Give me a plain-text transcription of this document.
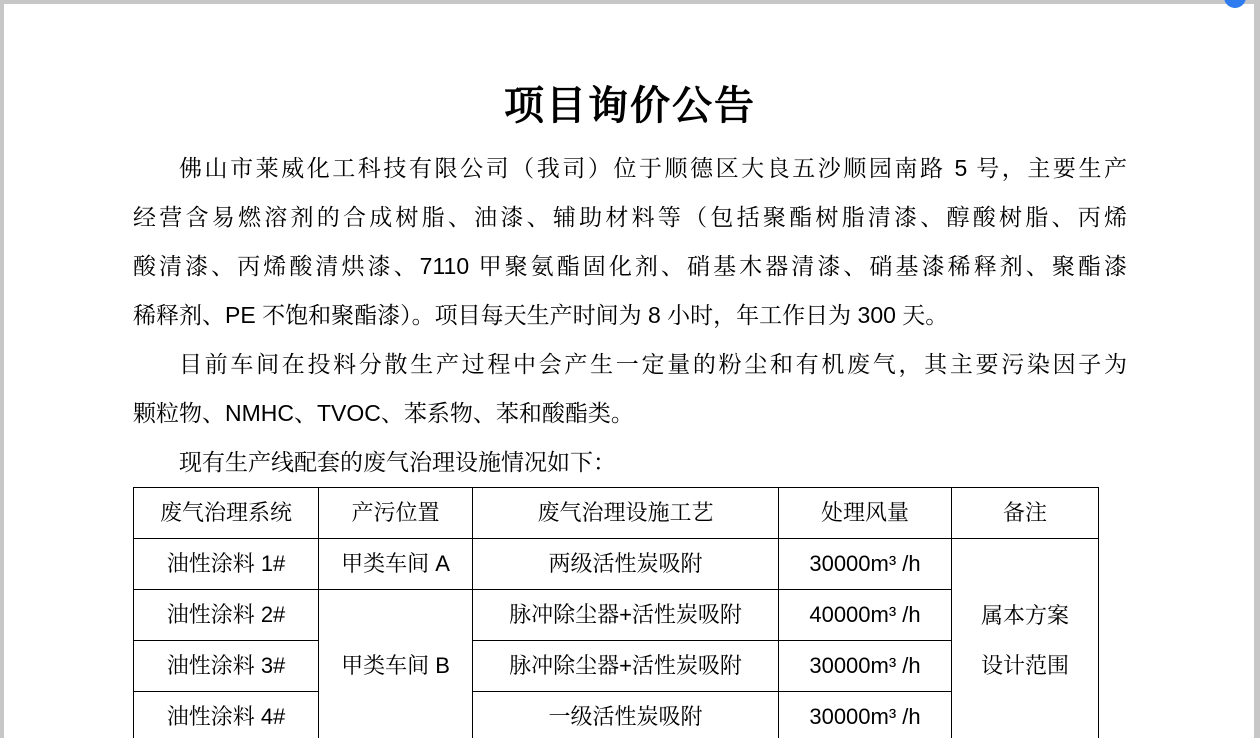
项目询价公告
佛山市莱威化工科技有限公司（我司）位于顺德区大良五沙顺园南路 5 号，主要生产
经营含易燃溶剂的合成树脂、油漆、辅助材料等（包括聚酯树脂清漆、醇酸树脂、丙烯
酸清漆、丙烯酸清烘漆、7110 甲聚氨酯固化剂、硝基木器清漆、硝基漆稀释剂、聚酯漆
稀释剂、PE 不饱和聚酯漆）。项目每天生产时间为 8 小时，年工作日为 300 天。
目前车间在投料分散生产过程中会产生一定量的粉尘和有机废气，其主要污染因子为
颗粒物、NMHC、TVOC、苯系物、苯和酸酯类。
现有生产线配套的废气治理设施情况如下：
废气治理系统	产污位置	废气治理设施工艺	处理风量	备注
油性涂料 1#	甲类车间 A	两级活性炭吸附	30000m³ /h	属本方案
设计范围

油性涂料 2#	甲类车间 B	脉冲除尘器+活性炭吸附	40000m³ /h	
油性涂料 3#		脉冲除尘器+活性炭吸附	30000m³ /h	
油性涂料 4#		一级活性炭吸附	30000m³ /h	
